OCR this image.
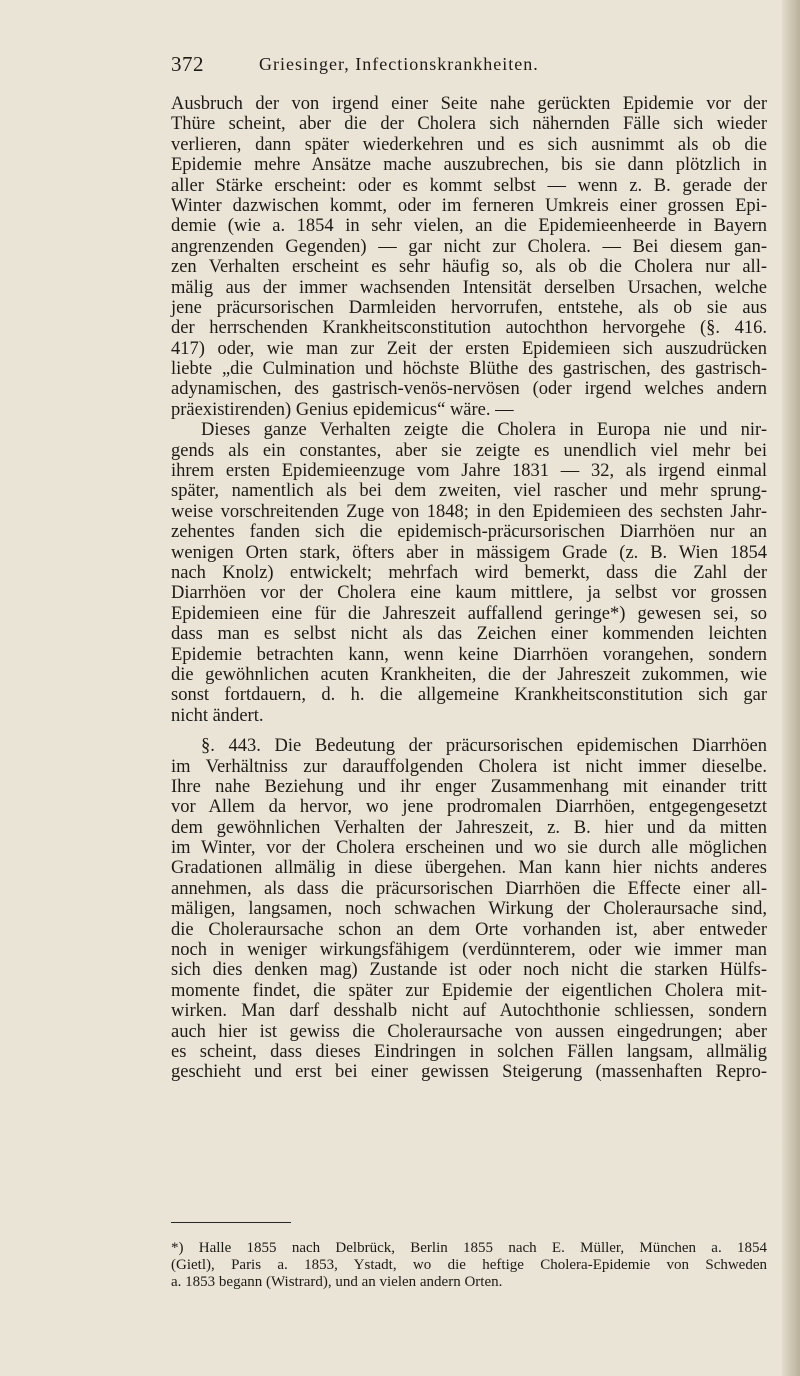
372	Griesinger, Infectionskrankheiten.
Ausbruch der von irgend einer Seite nahe gerückten Epidemie vor der
Thüre scheint, aber die der Cholera sich nähernden Fälle sich wieder
verlieren, dann später wiederkehren und es sich ausnimmt als ob die
Epidemie mehre Ansätze mache auszubrechen, bis sie dann plötzlich in
aller Stärke erscheint: oder es kommt selbst — wenn z. B. gerade der
Winter dazwischen kommt, oder im ferneren Umkreis einer grossen Epi-
demie (wie a. 1854 in sehr vielen, an die Epidemieenheerde in Bayern
angrenzenden Gegenden) — gar nicht zur Cholera. — Bei diesem gan-
zen Verhalten erscheint es sehr häufig so, als ob die Cholera nur all-
mälig aus der immer wachsenden Intensität derselben Ursachen, welche
jene präcursorischen Darmleiden hervorrufen, entstehe, als ob sie aus
der herrschenden Krankheitsconstitution autochthon hervorgehe (§. 416.
417) oder, wie man zur Zeit der ersten Epidemieen sich auszudrücken
liebte „die Culmination und höchste Blüthe des gastrischen, des gastrisch-
adynamischen, des gastrisch-venös-nervösen (oder irgend welches andern
präexistirenden) Genius epidemicus“ wäre. —
Dieses ganze Verhalten zeigte die Cholera in Europa nie und nir-
gends als ein constantes, aber sie zeigte es unendlich viel mehr bei
ihrem ersten Epidemieenzuge vom Jahre 1831 — 32, als irgend einmal
später, namentlich als bei dem zweiten, viel rascher und mehr sprung-
weise vorschreitenden Zuge von 1848; in den Epidemieen des sechsten Jahr-
zehentes fanden sich die epidemisch-präcursorischen Diarrhöen nur an
wenigen Orten stark, öfters aber in mässigem Grade (z. B. Wien 1854
nach Knolz) entwickelt; mehrfach wird bemerkt, dass die Zahl der
Diarrhöen vor der Cholera eine kaum mittlere, ja selbst vor grossen
Epidemieen eine für die Jahreszeit auffallend geringe*) gewesen sei, so
dass man es selbst nicht als das Zeichen einer kommenden leichten
Epidemie betrachten kann, wenn keine Diarrhöen vorangehen, sondern
die gewöhnlichen acuten Krankheiten, die der Jahreszeit zukommen, wie
sonst fortdauern, d. h. die allgemeine Krankheitsconstitution sich gar
nicht ändert.
§. 443. Die Bedeutung der präcursorischen epidemischen Diarrhöen
im Verhältniss zur darauffolgenden Cholera ist nicht immer dieselbe.
Ihre nahe Beziehung und ihr enger Zusammenhang mit einander tritt
vor Allem da hervor, wo jene prodromalen Diarrhöen, entgegengesetzt
dem gewöhnlichen Verhalten der Jahreszeit, z. B. hier und da mitten
im Winter, vor der Cholera erscheinen und wo sie durch alle möglichen
Gradationen allmälig in diese übergehen. Man kann hier nichts anderes
annehmen, als dass die präcursorischen Diarrhöen die Effecte einer all-
mäligen, langsamen, noch schwachen Wirkung der Choleraursache sind,
die Choleraursache schon an dem Orte vorhanden ist, aber entweder
noch in weniger wirkungsfähigem (verdünnterem, oder wie immer man
sich dies denken mag) Zustande ist oder noch nicht die starken Hülfs-
momente findet, die später zur Epidemie der eigentlichen Cholera mit-
wirken. Man darf desshalb nicht auf Autochthonie schliessen, sondern
auch hier ist gewiss die Choleraursache von aussen eingedrungen; aber
es scheint, dass dieses Eindringen in solchen Fällen langsam, allmälig
geschieht und erst bei einer gewissen Steigerung (massenhaften Repro-
*) Halle 1855 nach Delbrück, Berlin 1855 nach E. Müller, München a. 1854
(Gietl), Paris a. 1853, Ystadt, wo die heftige Cholera-Epidemie von Schweden
a. 1853 begann (Wistrard), und an vielen andern Orten.
